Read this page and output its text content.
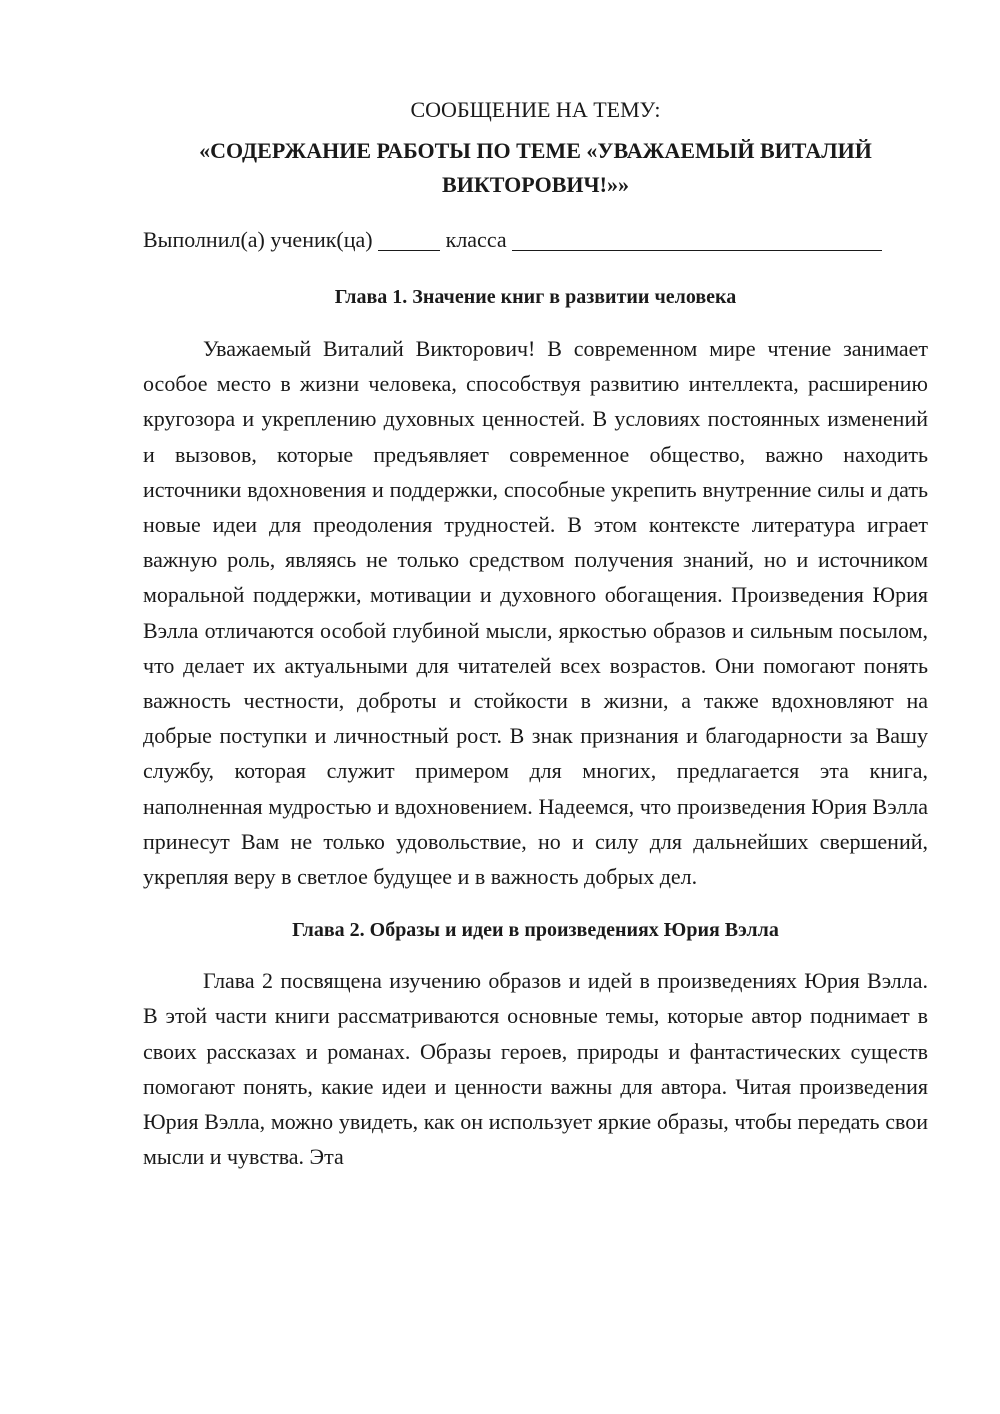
СООБЩЕНИЕ НА ТЕМУ:

«СОДЕРЖАНИЕ РАБОТЫ ПО ТЕМЕ «УВАЖАЕМЫЙ ВИТАЛИЙ ВИКТОРОВИЧ!»»

Выполнил(а) ученик(ца)	класса

Глава 1. Значение книг в развитии человека

Уважаемый Виталий Викторович! В современном мире чтение занимает особое место в жизни человека, способствуя развитию интеллекта, расширению кругозора и укреплению духовных ценностей. В условиях постоянных изменений и вызовов, которые предъявляет современное общество, важно находить источники вдохновения и поддержки, способные укрепить внутренние силы и дать новые идеи для преодоления трудностей. В этом контексте литература играет важную роль, являясь не только средством получения знаний, но и источником моральной поддержки, мотивации и духовного обогащения. Произведения Юрия Вэлла отличаются особой глубиной мысли, яркостью образов и сильным посылом, что делает их актуальными для читателей всех возрастов. Они помогают понять важность честности, доброты и стойкости в жизни, а также вдохновляют на добрые поступки и личностный рост. В знак признания и благодарности за Вашу службу, которая служит примером для многих, предлагается эта книга, наполненная мудростью и вдохновением. Надеемся, что произведения Юрия Вэлла принесут Вам не только удовольствие, но и силу для дальнейших свершений, укрепляя веру в светлое будущее и в важность добрых дел.

Глава 2. Образы и идеи в произведениях Юрия Вэлла

Глава 2 посвящена изучению образов и идей в произведениях Юрия Вэлла. В этой части книги рассматриваются основные темы, которые автор поднимает в своих рассказах и романах. Образы героев, природы и фантастических существ помогают понять, какие идеи и ценности важны для автора. Читая произведения Юрия Вэлла, можно увидеть, как он использует яркие образы, чтобы передать свои мысли и чувства. Эта
